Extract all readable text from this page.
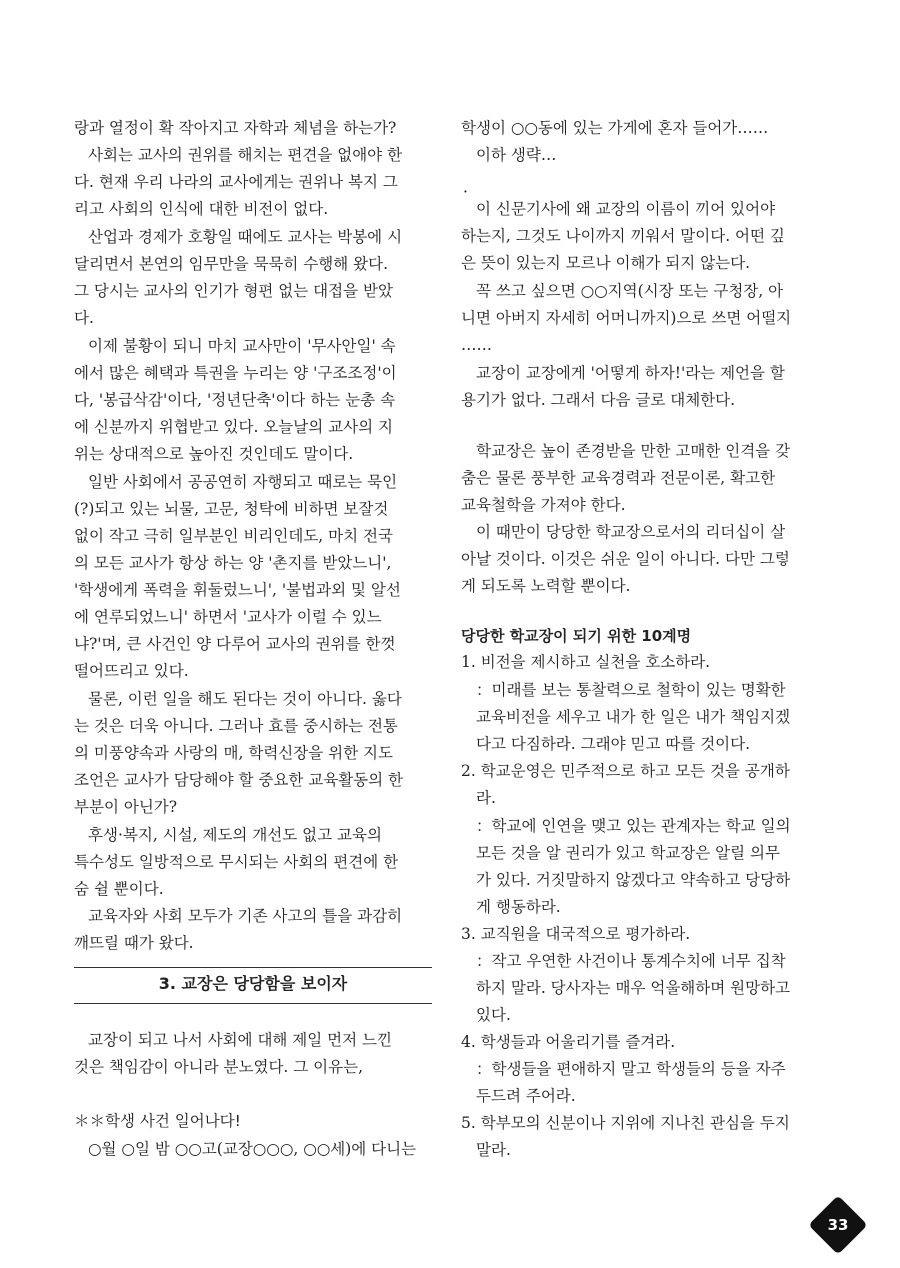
랑과 열정이 확 작아지고 자학과 체념을 하는가?
사회는 교사의 권위를 해치는 편견을 없애야 한
다. 현재 우리 나라의 교사에게는 권위나 복지 그
리고 사회의 인식에 대한 비전이 없다.
산업과 경제가 호황일 때에도 교사는 박봉에 시
달리면서 본연의 임무만을 묵묵히 수행해 왔다.
그 당시는 교사의 인기가 형편 없는 대접을 받았
다.
이제 불황이 되니 마치 교사만이 '무사안일' 속
에서 많은 혜택과 특권을 누리는 양 '구조조정'이
다, '봉급삭감'이다, '정년단축'이다 하는 눈총 속
에 신분까지 위협받고 있다. 오늘날의 교사의 지
위는 상대적으로 높아진 것인데도 말이다.
일반 사회에서 공공연히 자행되고 때로는 묵인
(?)되고 있는 뇌물, 고문, 청탁에 비하면 보잘것
없이 작고 극히 일부분인 비리인데도, 마치 전국
의 모든 교사가 항상 하는 양 '촌지를 받았느니',
'학생에게 폭력을 휘둘렀느니', '불법과외 및 알선
에 연루되었느니' 하면서 '교사가 이럴 수 있느
냐?'며, 큰 사건인 양 다루어 교사의 권위를 한껏
떨어뜨리고 있다.
물론, 이런 일을 해도 된다는 것이 아니다. 옳다
는 것은 더욱 아니다. 그러나 효를 중시하는 전통
의 미풍양속과 사랑의 매, 학력신장을 위한 지도
조언은 교사가 담당해야 할 중요한 교육활동의 한
부분이 아닌가?
후생·복지, 시설, 제도의 개선도 없고 교육의
특수성도 일방적으로 무시되는 사회의 편견에 한
숨 쉴 뿐이다.
교육자와 사회 모두가 기존 사고의 틀을 과감히
깨뜨릴 때가 왔다.
3. 교장은 당당함을 보이자
교장이 되고 나서 사회에 대해 제일 먼저 느낀
것은 책임감이 아니라 분노였다. 그 이유는,
＊＊학생 사건 일어나다!
○월 ○일 밤 ○○고(교장○○○, ○○세)에 다니는
학생이 ○○동에 있는 가게에 혼자 들어가……
이하 생략…
·
이 신문기사에 왜 교장의 이름이 끼어 있어야
하는지, 그것도 나이까지 끼워서 말이다. 어떤 깊
은 뜻이 있는지 모르나 이해가 되지 않는다.
꼭 쓰고 싶으면 ○○지역(시장 또는 구청장, 아
니면 아버지 자세히 어머니까지)으로 쓰면 어떨지
……
교장이 교장에게 '어떻게 하자!'라는 제언을 할
용기가 없다. 그래서 다음 글로 대체한다.
학교장은 높이 존경받을 만한 고매한 인격을 갖
춤은 물론 풍부한 교육경력과 전문이론, 확고한
교육철학을 가져야 한다.
이 때만이 당당한 학교장으로서의 리더십이 살
아날 것이다. 이것은 쉬운 일이 아니다. 다만 그렇
게 되도록 노력할 뿐이다.
당당한 학교장이 되기 위한 10계명
1. 비전을 제시하고 실천을 호소하라.
：미래를 보는 통찰력으로 철학이 있는 명확한
교육비전을 세우고 내가 한 일은 내가 책임지겠
다고 다짐하라. 그래야 믿고 따를 것이다.
2. 학교운영은 민주적으로 하고 모든 것을 공개하
라.
：학교에 인연을 맺고 있는 관계자는 학교 일의
모든 것을 알 권리가 있고 학교장은 알릴 의무
가 있다. 거짓말하지 않겠다고 약속하고 당당하
게 행동하라.
3. 교직원을 대국적으로 평가하라.
：작고 우연한 사건이나 통계수치에 너무 집착
하지 말라. 당사자는 매우 억울해하며 원망하고
있다.
4. 학생들과 어울리기를 즐겨라.
：학생들을 편애하지 말고 학생들의 등을 자주
두드려 주어라.
5. 학부모의 신분이나 지위에 지나친 관심을 두지
말라.
33
